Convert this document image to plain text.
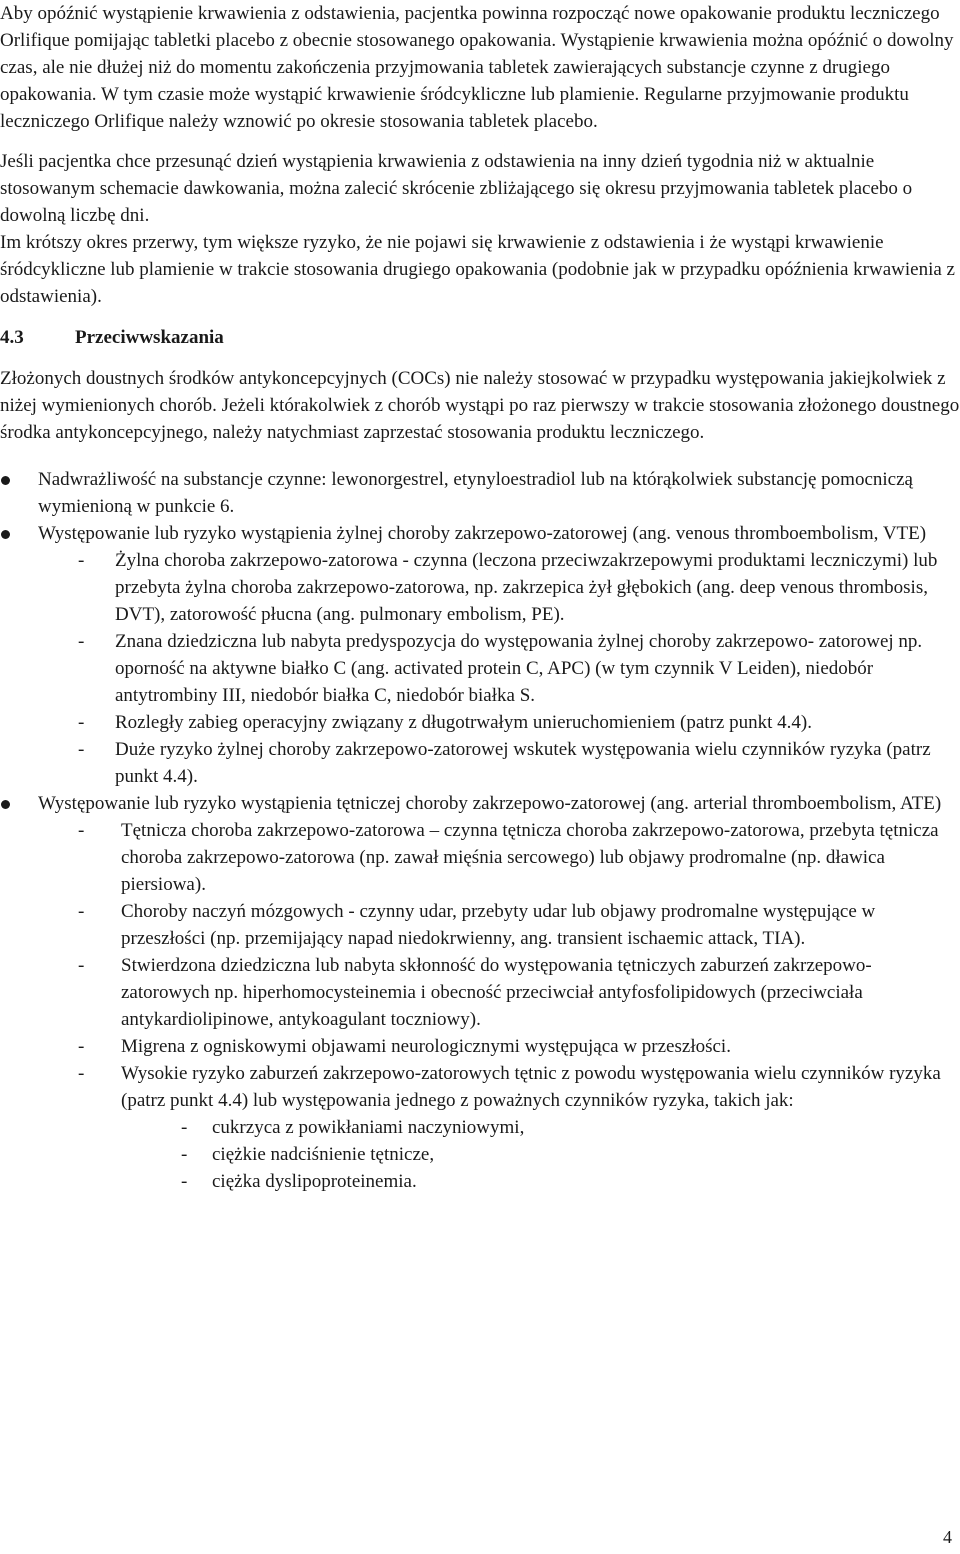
Aby opóźnić wystąpienie krwawienia z odstawienia, pacjentka powinna rozpocząć nowe opakowanie produktu leczniczego Orlifique pomijając tabletki placebo z obecnie stosowanego opakowania. Wystąpienie krwawienia można opóźnić o dowolny czas, ale nie dłużej niż do momentu zakończenia przyjmowania tabletek zawierających substancje czynne z drugiego opakowania. W tym czasie może wystąpić krwawienie śródcykliczne lub plamienie. Regularne przyjmowanie produktu leczniczego Orlifique należy wznowić po okresie stosowania tabletek placebo.

Jeśli pacjentka chce przesunąć dzień wystąpienia krwawienia z odstawienia na inny dzień tygodnia niż w aktualnie stosowanym schemacie dawkowania, można zalecić skrócenie zbliżającego się okresu przyjmowania tabletek placebo o dowolną liczbę dni.

Im krótszy okres przerwy, tym większe ryzyko, że nie pojawi się krwawienie z odstawienia i że wystąpi krwawienie śródcykliczne lub plamienie w trakcie stosowania drugiego opakowania (podobnie jak w przypadku opóźnienia krwawienia z odstawienia).

4.3	Przeciwwskazania

Złożonych doustnych środków antykoncepcyjnych (COCs) nie należy stosować w przypadku występowania jakiejkolwiek z niżej wymienionych chorób. Jeżeli którakolwiek z chorób wystąpi po raz pierwszy w trakcie stosowania złożonego doustnego środka antykoncepcyjnego, należy natychmiast zaprzestać stosowania produktu leczniczego.

Nadwrażliwość na substancje czynne: lewonorgestrel, etynyloestradiol lub na którąkolwiek substancję pomocniczą wymienioną w punkcie 6.
Występowanie lub ryzyko wystąpienia żylnej choroby zakrzepowo-zatorowej (ang. venous thromboembolism, VTE)
- Żylna choroba zakrzepowo-zatorowa - czynna (leczona przeciwzakrzepowymi produktami leczniczymi) lub przebyta żylna choroba zakrzepowo-zatorowa, np. zakrzepica żył głębokich (ang. deep venous thrombosis, DVT), zatorowość płucna (ang. pulmonary embolism, PE).
- Znana dziedziczna lub nabyta predyspozycja do występowania żylnej choroby zakrzepowo- zatorowej np. oporność na aktywne białko C (ang. activated protein C, APC) (w tym czynnik V Leiden), niedobór antytrombiny III, niedobór białka C, niedobór białka S.
- Rozległy zabieg operacyjny związany z długotrwałym unieruchomieniem (patrz punkt 4.4).
- Duże ryzyko żylnej choroby zakrzepowo-zatorowej wskutek występowania wielu czynników ryzyka (patrz punkt 4.4).
Występowanie lub ryzyko wystąpienia tętniczej choroby zakrzepowo-zatorowej (ang. arterial thromboembolism, ATE)
- Tętnicza choroba zakrzepowo-zatorowa – czynna tętnicza choroba zakrzepowo-zatorowa, przebyta tętnicza choroba zakrzepowo-zatorowa (np. zawał mięśnia sercowego) lub objawy prodromalne (np. dławica piersiowa).
- Choroby naczyń mózgowych - czynny udar, przebyty udar lub objawy prodromalne występujące w przeszłości (np. przemijający napad niedokrwienny, ang. transient ischaemic attack, TIA).
- Stwierdzona dziedziczna lub nabyta skłonność do występowania tętniczych zaburzeń zakrzepowo-zatorowych np. hiperhomocysteinemia i obecność przeciwciał antyfosfolipidowych (przeciwciała antykardiolipinowe, antykoagulant toczniowy).
- Migrena z ogniskowymi objawami neurologicznymi występująca w przeszłości.
- Wysokie ryzyko zaburzeń zakrzepowo-zatorowych tętnic z powodu występowania wielu czynników ryzyka (patrz punkt 4.4) lub występowania jednego z poważnych czynników ryzyka, takich jak:
- cukrzyca z powikłaniami naczyniowymi,
- ciężkie nadciśnienie tętnicze,
- ciężka dyslipoproteinemia.
4
